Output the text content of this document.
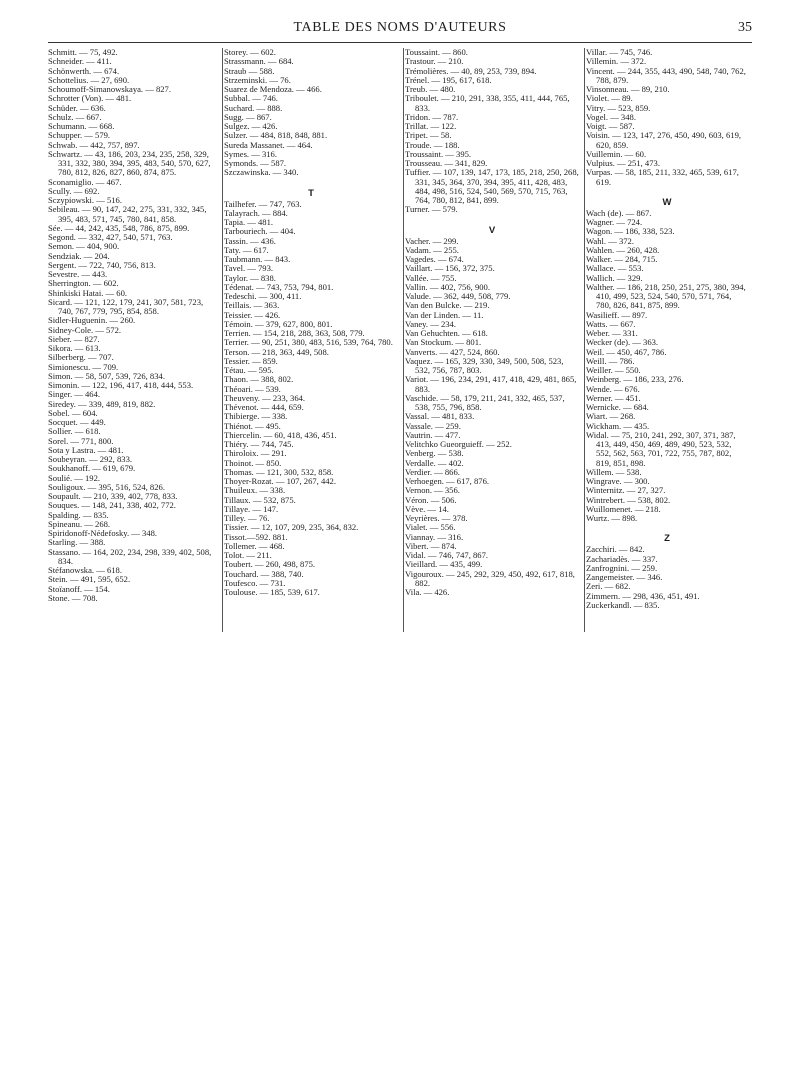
TABLE DES NOMS D'AUTEURS	35
Schmitt. — 75, 492.
Schneider. — 411.
Schönwerth. — 674.
Schottelius. — 27, 690.
Schoumoff-Simanowskaya. — 827.
Schrotter (Von). — 481.
Schüder. — 636.
Schulz. — 667.
Schumann. — 668.
Schupper. — 579.
Schwab. — 442, 757, 897.
Schwartz. — 43, 186, 203, 234, 235, 258, 329, 331, 332, 380, 394, 395, 483, 540, 570, 627, 780, 812, 826, 827, 860, 874, 875.
Sconamiglio. — 467.
Scully. — 692.
Sczypiowski. — 516.
Sebileau. — 90, 147, 242, 275, 331, 332, 345, 395, 483, 571, 745, 780, 841, 858.
Sée. — 44, 242, 435, 548, 786, 875, 899.
Segond. — 332, 427, 540, 571, 763.
Semon. — 404, 900.
Sendziak. — 204.
Sergent. — 722, 740, 756, 813.
Sevestre. — 443.
Sherrington. — 602.
Shinkiski Hatai. — 60.
Sicard. — 121, 122, 179, 241, 307, 581, 723, 740, 767, 779, 795, 854, 858.
Sidler-Huguenin. — 260.
Sidney-Cole. — 572.
Sieber. — 827.
Sikora. — 613.
Silberberg. — 707.
Simionescu. — 709.
Simon. — 58, 507, 539, 726, 834.
Simonin. — 122, 196, 417, 418, 444, 553.
Singer. — 464.
Siredey. — 339, 489, 819, 882.
Sobel. — 604.
Socquet. — 449.
Sollier. — 618.
Sorel. — 771, 800.
Sota y Lastra. — 481.
Soubeyran. — 292, 833.
Soukhanoff. — 619, 679.
Soulié. — 192.
Souligoux. — 395, 516, 524, 826.
Soupault. — 210, 339, 402, 778, 833.
Souques. — 148, 241, 338, 402, 772.
Spalding. — 835.
Spineanu. — 268.
Spiridonoff-Nédefosky. — 348.
Starling. — 388.
Stassano. — 164, 202, 234, 298, 339, 402, 508, 834.
Stéfanowska. — 618.
Stein. — 491, 595, 652.
Stoïanoff. — 154.
Stone. — 708.
Storey. — 602.
Strassmann. — 684.
Straub — 588.
Strzeminski. — 76.
Suarez de Mendoza. — 466.
Subbal. — 746.
Suchard. — 888.
Sugg. — 867.
Sulgez. — 426.
Sulzer. — 484, 818, 848, 881.
Sureda Massanet. — 464.
Symes. — 316.
Symonds. — 587.
Szczawinska. — 340.
T
Tailhefer. — 747, 763.
Talayrach. — 884.
Tapia. — 481.
Tarbouriech. — 404.
Tassin. — 436.
Taty. — 617.
Taubmann. — 843.
Tavel. — 793.
Taylor. — 838.
Tédenat. — 743, 753, 794, 801.
Tedeschi. — 300, 411.
Teillais. — 363.
Teissier. — 426.
Témoin. — 379, 627, 800, 801.
Terrien. — 154, 218, 288, 363, 508, 779.
Terrier. — 90, 251, 380, 483, 516, 539, 764, 780.
Terson. — 218, 363, 449, 508.
Tessier. — 859.
Tétau. — 595.
Thaon. — 388, 802.
Théoari. — 539.
Theuveny. — 233, 364.
Thévenot. — 444, 659.
Thibierge. — 338.
Thiénot. — 495.
Thiercelin. — 60, 418, 436, 451.
Thiéry. — 744, 745.
Thiroloix. — 291.
Thoinot. — 850.
Thomas. — 121, 300, 532, 858.
Thoyer-Rozat. — 107, 267, 442.
Thuileux. — 338.
Tillaux. — 532, 875.
Tillaye. — 147.
Tilley. — 76.
Tissier. — 12, 107, 209, 235, 364, 832.
Tissot.—592. 881.
Tollemer. — 468.
Tolot. — 211.
Toubert. — 260, 498, 875.
Touchard. — 388, 740.
Toufesco. — 731.
Toulouse. — 185, 539, 617.
Toussaint. — 860.
Trastour. — 210.
Trémolières. — 40, 89, 253, 739, 894.
Trénel. — 195, 617, 618.
Treub. — 480.
Triboulet. — 210, 291, 338, 355, 411, 444, 765, 833.
Tridon. — 787.
Trillat. — 122.
Tripet. — 58.
Troude. — 188.
Troussaint. — 395.
Trousseau. — 341, 829.
Tuffier. — 107, 139, 147, 173, 185, 218, 250, 268, 331, 345, 364, 370, 394, 395, 411, 428, 483, 484, 498, 516, 524, 540, 569, 570, 715, 763, 764, 780, 812, 841, 899.
Turner. — 579.
V
Vacher. — 299.
Vadam. — 255.
Vagedes. — 674.
Vaillart. — 156, 372, 375.
Vallée. — 755.
Vallin. — 402, 756, 900.
Valude. — 362, 449, 508, 779.
Van den Bulcke. — 219.
Van der Linden. — 11.
Vaney. — 234.
Van Gehuchten. — 618.
Van Stockum. — 801.
Vanverts. — 427, 524, 860.
Vaquez. — 165, 329, 330, 349, 500, 508, 523, 532, 756, 787, 803.
Variot. — 196, 234, 291, 417, 418, 429, 481, 865, 883.
Vaschide. — 58, 179, 211, 241, 332, 465, 537, 538, 755, 796, 858.
Vassal. — 481, 833.
Vassale. — 259.
Vautrin. — 477.
Velitchko Gueorguieff. — 252.
Venberg. — 538.
Verdalle. — 402.
Verdier. — 866.
Verhoegen. — 617, 876.
Vernon. — 356.
Véron. — 506.
Vève. — 14.
Veyrières. — 378.
Vialet. — 556.
Viannay. — 316.
Vibert. — 874.
Vidal. — 746, 747, 867.
Vieillard. — 435, 499.
Vigouroux. — 245, 292, 329, 450, 492, 617, 818, 882.
Vila. — 426.
Villar. — 745, 746.
Villemin. — 372.
Vincent. — 244, 355, 443, 490, 548, 740, 762, 788, 879.
Vinsonneau. — 89, 210.
Violet. — 89.
Vitry. — 523, 859.
Vogel. — 348.
Voigt. — 587.
Voisin. — 123, 147, 276, 450, 490, 603, 619, 620, 859.
Vuillemin. — 60.
Vulpius. — 251, 473.
Vurpas. — 58, 185, 211, 332, 465, 539, 617, 619.
W
Wach (de). — 867.
Wagner. — 724.
Wagon. — 186, 338, 523.
Wahl. — 372.
Wahlen. — 260, 428.
Walker. — 284, 715.
Wallace. — 553.
Wallich. — 329.
Walther. — 186, 218, 250, 251, 275, 380, 394, 410, 499, 523, 524, 540, 570, 571, 764, 780, 826, 841, 875, 899.
Wasilieff. — 897.
Watts. — 667.
Weber. — 331.
Wecker (de). — 363.
Weil. — 450, 467, 786.
Weill. — 786.
Weiller. — 550.
Weinberg. — 186, 233, 276.
Wende. — 676.
Werner. — 451.
Wernicke. — 684.
Wiart. — 268.
Wickham. — 435.
Widal. — 75, 210, 241, 292, 307, 371, 387, 413, 449, 450, 469, 489, 490, 523, 532, 552, 562, 563, 701, 722, 755, 787, 802, 819, 851, 898.
Willem. — 538.
Wingrave. — 300.
Winternitz. — 27, 327.
Wintrebert. — 538, 802.
Wuillomenet. — 218.
Wurtz. — 898.
Z
Zacchiri. — 842.
Zachariadès. — 337.
Zanfrognini. — 259.
Zangemeister. — 346.
Zeri. — 682.
Zimmern. — 298, 436, 451, 491.
Zuckerkandl. — 835.
